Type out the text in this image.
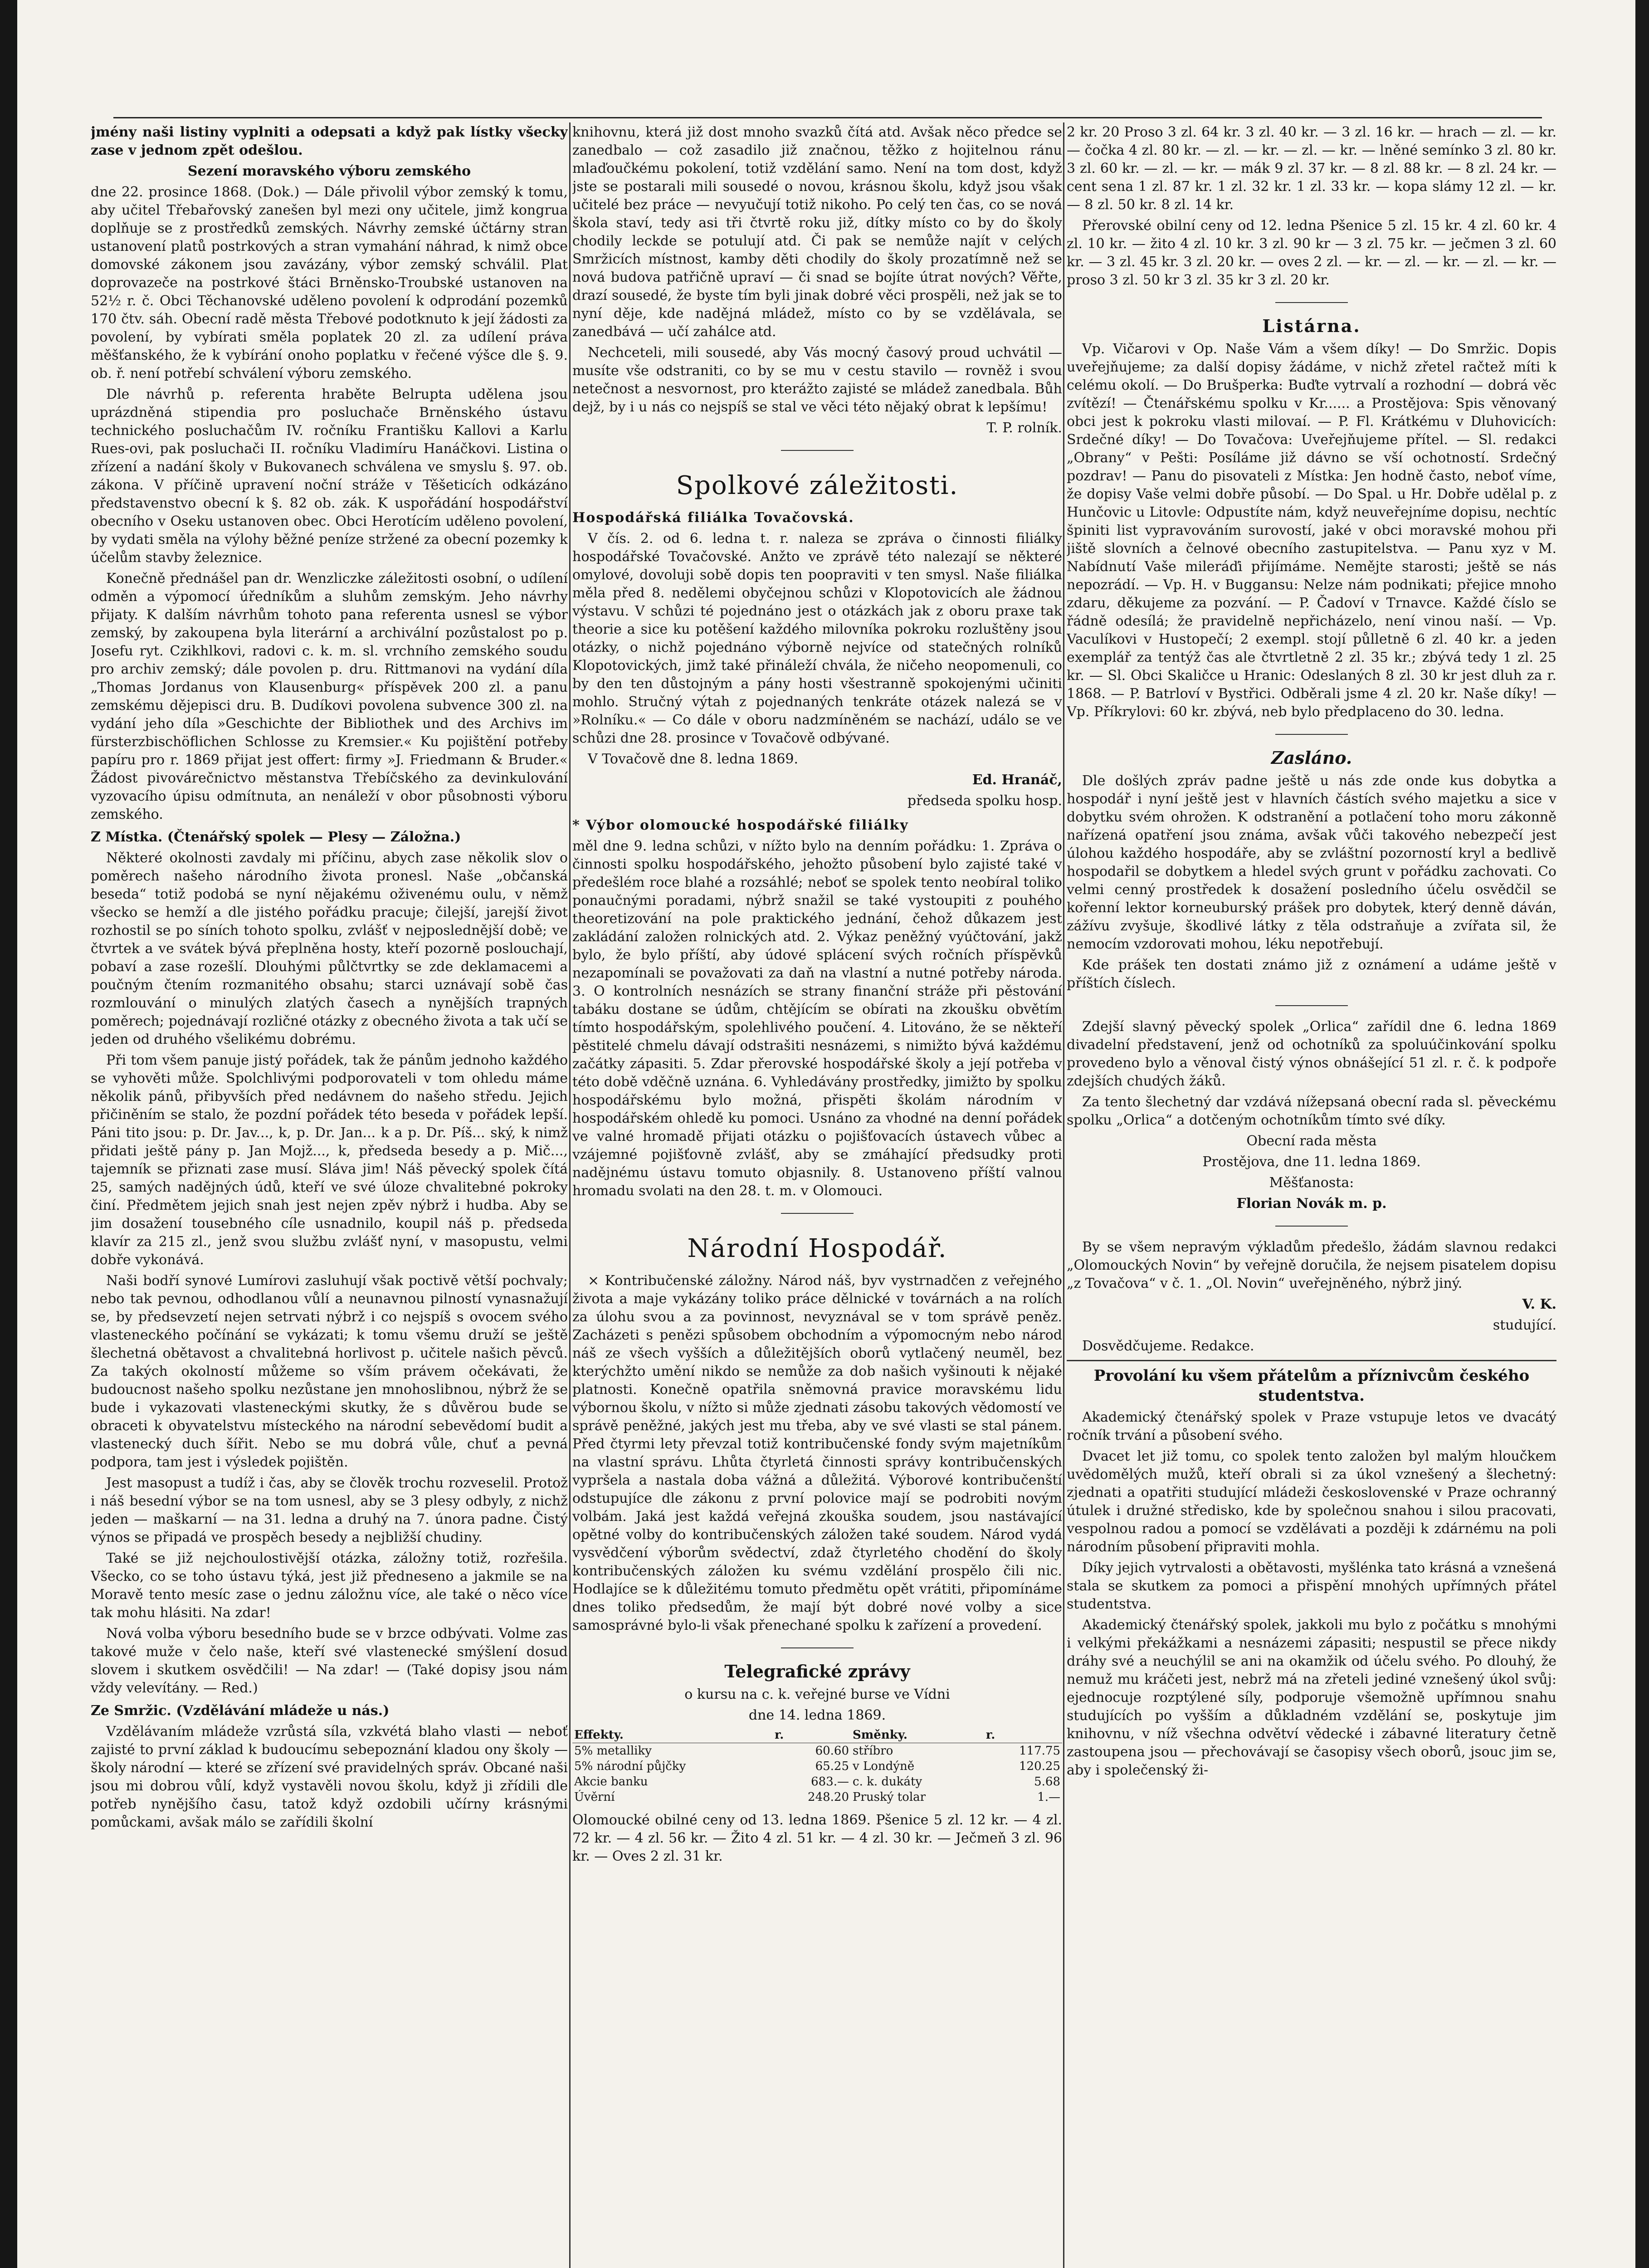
jmény naši listiny vyplniti a odepsati a když pak lístky všecky zase v jednom zpět odešlou.

Sezení moravského výboru zemského

dne 22. prosince 1868. (Dok.) — Dále přivolil výbor zemský k tomu, aby učitel Třebařovský zanešen byl mezi ony učitele, jimž kongrua doplňuje se z prostředků zemských. Návrhy zemské účtárny stran ustanovení platů postrkových a stran vymahání náhrad, k nimž obce domovské zákonem jsou zavázány, výbor zemský schválil. Plat doprovazeče na postrkové štáci Brněnsko-Troubské ustanoven na 52½ r. č. Obci Těchanovské uděleno povolení k odprodání pozemků 170 čtv. sáh. Obecní radě města Třebové podotknuto k její žádosti za povolení, by vybírati směla poplatek 20 zl. za udílení práva měšťanského, že k vybírání onoho poplatku v řečené výšce dle §. 9. ob. ř. není potřebí schválení výboru zemského.

Dle návrhů p. referenta hraběte Belrupta udělena jsou uprázdněná stipendia pro posluchače Brněnského ústavu technického posluchačům IV. ročníku Františku Kallovi a Karlu Rues-ovi, pak posluchači II. ročníku Vladimíru Hanáčkovi. Listina o zřízení a nadání školy v Bukovanech schválena ve smyslu §. 97. ob. zákona. V příčině upravení noční stráže v Těšeticích odkázáno představenstvo obecní k §. 82 ob. zák. K uspořádání hospodářství obecního v Oseku ustanoven obec. Obci Herotícím uděleno povolení, by vydati směla na výlohy běžné peníze stržené za obecní pozemky k účelům stavby železnice.

Konečně přednášel pan dr. Wenzliczke záležitosti osobní, o udílení odměn a výpomocí úředníkům a sluhům zemským. Jeho návrhy přijaty. K dalším návrhům tohoto pana referenta usnesl se výbor zemský, by zakoupena byla literární a archivální pozůstalost po p. Josefu ryt. Czikhlkovi, radovi c. k. m. sl. vrchního zemského soudu pro archiv zemský; dále povolen p. dru. Rittmanovi na vydání díla „Thomas Jordanus von Klausenburg« příspěvek 200 zl. a panu zemskému dějepisci dru. B. Dudíkovi povolena subvence 300 zl. na vydání jeho díla »Geschichte der Bibliothek und des Archivs im fürsterzbischöflichen Schlosse zu Kremsier.« Ku pojištění potřeby papíru pro r. 1869 přijat jest offert: firmy »J. Friedmann & Bruder.« Žádost pivovárečnictvo městanstva Třebíčského za devinkulování vyzovacího úpisu odmítnuta, an nenáleží v obor působnosti výboru zemského.

Z Místka. (Čtenářský spolek — Plesy — Záložna.)

Některé okolnosti zavdaly mi příčinu, abych zase několik slov o poměrech našeho národního života pronesl. Naše „občanská beseda“ totiž podobá se nyní nějakému oživenému oulu, v němž všecko se hemží a dle jistého pořádku pracuje; čilejší, jarejší život rozhostil se po síních tohoto spolku, zvlášť v nejposlednější době; ve čtvrtek a ve svátek bývá přeplněna hosty, kteří pozorně poslouchají, pobaví a zase rozešlí. Dlouhými půlčtvrtky se zde deklamacemi a poučným čtením rozmanitého obsahu; starci uznávají sobě čas rozmlouvání o minulých zlatých časech a nynějších trapných poměrech; pojednávají rozličné otázky z obecného života a tak učí se jeden od druhého všelikému dobrému.

Při tom všem panuje jistý pořádek, tak že pánům jednoho každého se vyhověti může. Spolchlivými podporovateli v tom ohledu máme několik pánů, přibyvších před nedávnem do našeho středu. Jejich přičiněním se stalo, že pozdní pořádek této beseda v pořádek lepší. Páni tito jsou: p. Dr. Jav..., k, p. Dr. Jan... k a p. Dr. Píš... ský, k nimž přidati ještě pány p. Jan Mojž..., k, předseda besedy a p. Mič..., tajemník se přiznati zase musí. Sláva jim! Náš pěvecký spolek čítá 25, samých nadějných údů, kteří ve své úloze chvalitebné pokroky činí. Předmětem jejich snah jest nejen zpěv nýbrž i hudba. Aby se jim dosažení tousebného cíle usnadnilo, koupil náš p. předseda klavír za 215 zl., jenž svou službu zvlášť nyní, v masopustu, velmi dobře vykonává.

Naši bodří synové Lumírovi zasluhují však poctivě větší pochvaly; nebo tak pevnou, odhodlanou vůlí a neunavnou pilností vynasnažují se, by předsevzetí nejen setrvati nýbrž i co nejspíš s ovocem svého vlasteneckého počínání se vykázati; k tomu všemu druží se ještě šlechetná obětavost a chvalitebná horlivost p. učitele našich pěvců. Za takých okolností můžeme so vším právem očekávati, že budoucnost našeho spolku nezůstane jen mnohoslibnou, nýbrž že se bude i vykazovati vlasteneckými skutky, že s důvěrou bude se obraceti k obyvatelstvu místeckého na národní sebevědomí budit a vlastenecký duch šířit. Nebo se mu dobrá vůle, chuť a pevná podpora, tam jest i výsledek pojištěn.

Jest masopust a tudíž i čas, aby se člověk trochu rozveselil. Protož i náš besední výbor se na tom usnesl, aby se 3 plesy odbyly, z nichž jeden — maškarní — na 31. ledna a druhý na 7. února padne. Čistý výnos se připadá ve prospěch besedy a nejbližší chudiny.

Také se již nejchoulostivější otázka, záložny totiž, rozřešila. Všecko, co se toho ústavu týká, jest již předneseno a jakmile se na Moravě tento mesíc zase o jednu záložnu více, ale také o něco více tak mohu hlásiti. Na zdar!

Nová volba výboru besedního bude se v brzce odbývati. Volme zas takové muže v čelo naše, kteří své vlastenecké smýšlení dosud slovem i skutkem osvědčili! — Na zdar! — (Také dopisy jsou nám vždy velevítány. — Red.)

Ze Smržic. (Vzdělávání mládeže u nás.)

Vzdělávaním mládeže vzrůstá síla, vzkvétá blaho vlasti — neboť zajisté to první základ k budoucímu sebepoznání kladou ony školy — školy národní — které se zřízení své pravidelných správ. Obcané naši jsou mi dobrou vůlí, když vystavěli novou školu, když ji zřídili dle potřeb nynějšího času, tatož když ozdobili učírny krásnými pomůckami, avšak málo se zařídili školní

knihovnu, která již dost mnoho svazků čítá atd. Avšak něco předce se zanedbalo — což zasadilo již značnou, těžko z hojitelnou ránu mlaďoučkému pokolení, totiž vzdělání samo. Není na tom dost, když jste se postarali mili sousedé o novou, krásnou školu, když jsou však učitelé bez práce — nevyučují totiž nikoho. Po celý ten čas, co se nová škola staví, tedy asi tři čtvrtě roku již, dítky místo co by do školy chodily leckde se potulují atd. Či pak se nemůže najít v celých Smržicích místnost, kamby děti chodily do školy prozatímně než se nová budova patřičně upraví — či snad se bojíte útrat nových? Věřte, drazí sousedé, že byste tím byli jinak dobré věci prospěli, než jak se to nyní děje, kde nadějná mládež, místo co by se vzdělávala, se zanedbává — učí zahálce atd.

Nechceteli, mili sousedé, aby Vás mocný časový proud uchvátil — musíte vše odstraniti, co by se mu v cestu stavilo — rovněž i svou netečnost a nesvornost, pro kterážto zajisté se mládež zanedbala. Bůh dejž, by i u nás co nejspíš se stal ve věci této nějaký obrat k lepšímu!

T. P. rolník.

Spolkové záležitosti.

Hospodářská filiálka Tovačovská.

V čís. 2. od 6. ledna t. r. naleza se zpráva o činnosti filiálky hospodářské Tovačovské. Anžto ve zprávě této nalezají se některé omylové, dovoluji sobě dopis ten poopraviti v ten smysl. Naše filiálka měla před 8. nedělemi obyčejnou schůzi v Klopotovicích ale žádnou výstavu. V schůzi té pojednáno jest o otázkách jak z oboru praxe tak theorie a sice ku potěšení každého milovníka pokroku rozluštěny jsou otázky, o nichž pojednáno výborně nejvíce od statečných rolníků Klopotovických, jimž také přináleží chvála, že ničeho neopomenuli, co by den ten důstojným a pány hosti všestranně spokojenými učiniti mohlo. Stručný výtah z pojednaných tenkráte otázek nalezá se v »Rolníku.« — Co dále v oboru nadzmíněném se nachází, událo se ve schůzi dne 28. prosince v Tovačově odbývané.

V Tovačově dne 8. ledna 1869.

Ed. Hranáč,

předseda spolku hosp.

* Výbor olomoucké hospodářské filiálky

měl dne 9. ledna schůzi, v nížto bylo na denním pořádku: 1. Zpráva o činnosti spolku hospodářského, jehožto působení bylo zajisté také v předešlém roce blahé a rozsáhlé; neboť se spolek tento neobíral toliko ponaučnými poradami, nýbrž snažil se také vystoupiti z pouhého theoretizování na pole praktického jednání, čehož důkazem jest zakládání založen rolnických atd. 2. Výkaz peněžný vyúčtování, jakž bylo, že bylo příští, aby údové splácení svých ročních příspěvků nezapomínali se považovati za daň na vlastní a nutné potřeby národa. 3. O kontrolních nesnázích se strany finanční stráže při pěstování tabáku dostane se údům, chtějícím se obírati na zkoušku obvětím tímto hospodářským, spolehlivého poučení. 4. Litováno, že se někteří pěstitelé chmelu dávají odstrašiti nesnázemi, s nimižto bývá každému začátky zápasiti. 5. Zdar přerovské hospodářské školy a její potřeba v této době vděčně uznána. 6. Vyhledávány prostředky, jimižto by spolku hospodářskému bylo možná, přispěti školám národním v hospodářském ohledě ku pomoci. Usnáno za vhodné na denní pořádek ve valné hromadě přijati otázku o pojišťovacích ústavech vůbec a vzájemné pojišťovně zvlášť, aby se zmáhající předsudky proti nadějnému ústavu tomuto objasnily. 8. Ustanoveno příští valnou hromadu svolati na den 28. t. m. v Olomouci.

Národní Hospodář.

× Kontribučenské záložny. Národ náš, byv vystrnadčen z veřejného života a maje vykázány toliko práce dělnické v továrnách a na rolích za úlohu svou a za povinnost, nevyznával se v tom správě peněz. Zacházeti s penězi spůsobem obchodním a výpomocným nebo národ náš ze všech vyšších a důležitějších oborů vytlačený neuměl, bez kterýchžto umění nikdo se nemůže za dob našich vyšinouti k nějaké platnosti. Konečně opatřila sněmovná pravice moravskému lidu výbornou školu, v nížto si může zjednati zásobu takových vědomostí ve správě peněžné, jakých jest mu třeba, aby ve své vlasti se stal pánem. Před čtyrmi lety převzal totiž kontribučenské fondy svým majetníkům na vlastní správu. Lhůta čtyrletá činnosti správy kontribučenských vypršela a nastala doba vážná a důležitá. Výborové kontribučenští odstupujíce dle zákonu z první polovice mají se podrobiti novým volbám. Jaká jest každá veřejná zkouška soudem, jsou nastávající opětné volby do kontribučenských záložen také soudem. Národ vydá vysvědčení výborům svědectví, zdaž čtyrletého chodění do školy kontribučenských záložen ku svému vzdělání prospělo čili nic. Hodlajíce se k důležitému tomuto předmětu opět vrátiti, připomínáme dnes toliko předsedům, že mají být dobré nové volby a sice samosprávné bylo-li však přenechané spolku k zařízení a provedení.

Telegrafické zprávy

o kursu na c. k. veřejné burse ve Vídni

dne 14. ledna 1869.

Effekty.	r.	Směnky.	r.
5% metalliky	60.60	stříbro	117.75
5% národní půjčky	65.25	v Londýně	120.25
Akcie banku	683.—	c. k. dukáty	5.68
Úvěrní	248.20	Pruský tolar	1.—

Olomoucké obilné ceny od 13. ledna 1869. Pšenice 5 zl. 12 kr. — 4 zl. 72 kr. — 4 zl. 56 kr. — Žito 4 zl. 51 kr. — 4 zl. 30 kr. — Ječmeň 3 zl. 96 kr. — Oves 2 zl. 31 kr.

2 kr. 20 Proso 3 zl. 64 kr. 3 zl. 40 kr. — 3 zl. 16 kr. — hrach — zl. — kr. — čočka 4 zl. 80 kr. — zl. — kr. — zl. — kr. — lněné semínko 3 zl. 80 kr. 3 zl. 60 kr. — zl. — kr. — mák 9 zl. 37 kr. — 8 zl. 88 kr. — 8 zl. 24 kr. — cent sena 1 zl. 87 kr. 1 zl. 32 kr. 1 zl. 33 kr. — kopa slámy 12 zl. — kr. — 8 zl. 50 kr. 8 zl. 14 kr.

Přerovské obilní ceny od 12. ledna Pšenice 5 zl. 15 kr. 4 zl. 60 kr. 4 zl. 10 kr. — žito 4 zl. 10 kr. 3 zl. 90 kr — 3 zl. 75 kr. — ječmen 3 zl. 60 kr. — 3 zl. 45 kr. 3 zl. 20 kr. — oves 2 zl. — kr. — zl. — kr. — zl. — kr. — proso 3 zl. 50 kr 3 zl. 35 kr 3 zl. 20 kr.

Listárna.

Vp. Vičarovi v Op. Naše Vám a všem díky! — Do Smržic. Dopis uveřejňujeme; za další dopisy žádáme, v nichž zřetel račtež míti k celému okolí. — Do Brušperka: Buďte vytrvalí a rozhodní — dobrá věc zvítězí! — Čtenářskému spolku v Kr...... a Prostějova: Spis věnovaný obci jest k pokroku vlasti milovaí. — P. Fl. Krátkému v Dluhovicích: Srdečné díky! — Do Tovačova: Uveřejňujeme přítel. — Sl. redakci „Obrany“ v Pešti: Posíláme již dávno se vší ochotností. Srdečný pozdrav! — Panu do pisovateli z Místka: Jen hodně často, neboť víme, že dopisy Vaše velmi dobře působí. — Do Spal. u Hr. Dobře udělal p. z Hunčovic u Litovle: Odpustíte nám, když neuveřejníme dopisu, nechtíc špiniti list vypravováním surovostí, jaké v obci moravské mohou při jiště slovních a čelnové obecního zastupitelstva. — Panu xyz v M. Nabídnutí Vaše mileráďi přijímáme. Nemějte starosti; ještě se nás nepozrádí. — Vp. H. v Buggansu: Nelze nám podnikati; přejice mnoho zdaru, děkujeme za pozvání. — P. Čadoví v Trnavce. Každé číslo se řádně odesílá; že pravidelně nepřicházelo, není vinou naší. — Vp. Vaculíkovi v Hustopečí; 2 exempl. stojí půlletně 6 zl. 40 kr. a jeden exemplář za tentýž čas ale čtvrtletně 2 zl. 35 kr.; zbývá tedy 1 zl. 25 kr. — Sl. Obci Skaličce u Hranic: Odeslaných 8 zl. 30 kr jest dluh za r. 1868. — P. Batrloví v Bystřici. Odběrali jsme 4 zl. 20 kr. Naše díky! — Vp. Příkrylovi: 60 kr. zbývá, neb bylo předplaceno do 30. ledna.

Zasláno.

Dle došlých zpráv padne ještě u nás zde onde kus dobytka a hospodář i nyní ještě jest v hlavních částích svého majetku a sice v dobytku svém ohrožen. K odstranění a potlačení toho moru zákonně nařízená opatření jsou známa, avšak vůči takového nebezpečí jest úlohou každého hospodáře, aby se zvláštní pozorností kryl a bedlivě hospodařil se dobytkem a hledel svých grunt v pořádku zachovati. Co velmi cenný prostředek k dosažení posledního účelu osvědčil se kořenní lektor korneuburský prášek pro dobytek, který denně dáván, zážívu zvyšuje, škodlivé látky z těla odstraňuje a zvířata sil, že nemocím vzdorovati mohou, léku nepotřebují.

Kde prášek ten dostati známo již z oznámení a udáme ještě v příštích číslech.

Zdejší slavný pěvecký spolek „Orlica“ zařídil dne 6. ledna 1869 divadelní představení, jenž od ochotníků za spoluúčinkování spolku provedeno bylo a věnoval čistý výnos obnášející 51 zl. r. č. k podpoře zdejších chudých žáků.

Za tento šlechetný dar vzdává nížepsaná obecní rada sl. pěveckému spolku „Orlica“ a dotčeným ochotníkům tímto své díky.

Obecní rada města

Prostějova, dne 11. ledna 1869.

Měšťanosta:

Florian Novák m. p.

By se všem nepravým výkladům předešlo, žádám slavnou redakci „Olomouckých Novin“ by veřejně doručila, že nejsem pisatelem dopisu „z Tovačova“ v č. 1. „Ol. Novin“ uveřejněného, nýbrž jiný.

V. K.

studující.

Dosvědčujeme. Redakce.

Provolání ku všem přátelům a příznivcům českého studentstva.

Akademický čtenářský spolek v Praze vstupuje letos ve dvacátý ročník trvání a působení svého.

Dvacet let již tomu, co spolek tento založen byl malým hloučkem uvědomělých mužů, kteří obrali si za úkol vznešený a šlechetný: zjednati a opatřiti studující mládeži československé v Praze ochranný útulek i družné středisko, kde by společnou snahou i silou pracovati, vespolnou radou a pomocí se vzdělávati a později k zdárnému na poli národním působení připraviti mohla.

Díky jejich vytrvalosti a obětavosti, myšlénka tato krásná a vznešená stala se skutkem za pomoci a přispění mnohých upřímných přátel studentstva.

Akademický čtenářský spolek, jakkoli mu bylo z počátku s mnohými i velkými překážkami a nesnázemi zápasiti; nespustil se přece nikdy dráhy své a neuchýlil se ani na okamžik od účelu svého. Po dlouhý, že nemuž mu kráčeti jest, nebrž má na zřeteli jediné vznešený úkol svůj: ejednocuje rozptýlené síly, podporuje všemožně upřímnou snahu studujících po vyšším a důkladném vzdělání se, poskytuje jim knihovnu, v níž všechna odvětví vědecké i zábavné literatury četně zastoupena jsou — přechovávají se časopisy všech oborů, jsouc jim se, aby i společenský ži-
